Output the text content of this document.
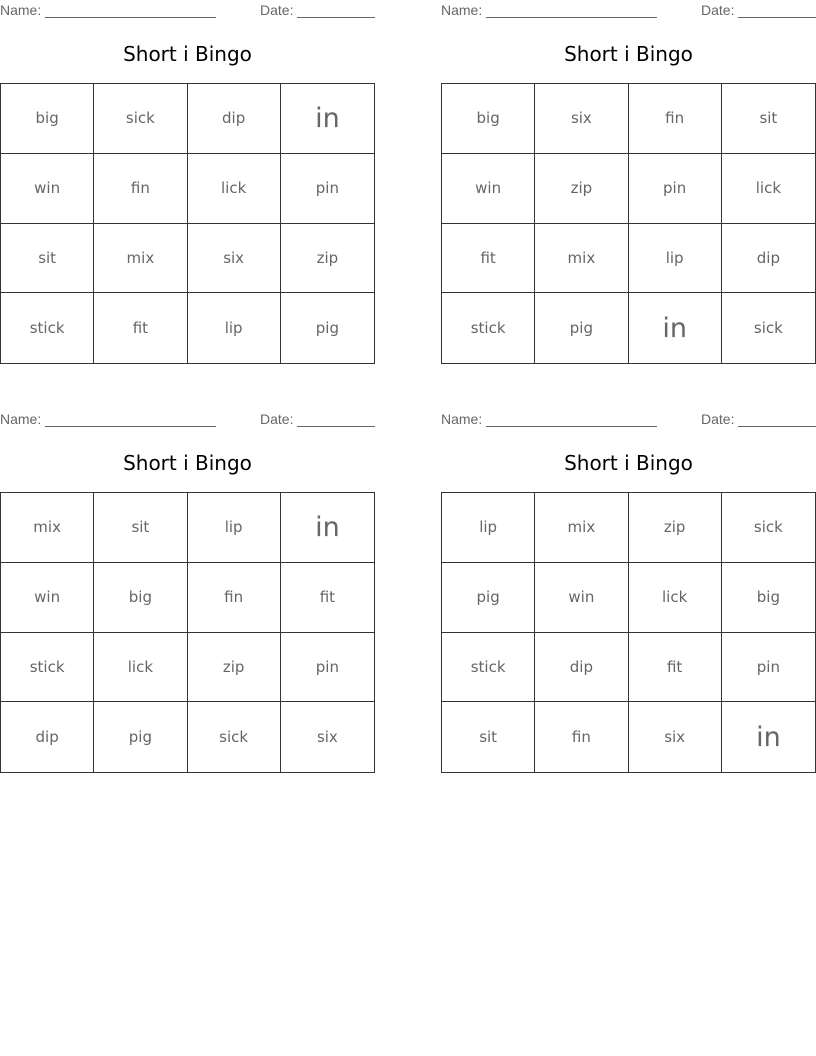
Name:	Date:
Short i Bingo
big	sick	dip	in
win	fin	lick	pin
sit	mix	six	zip
stick	fit	lip	pig
Name:	Date:
Short i Bingo
big	six	fin	sit
win	zip	pin	lick
fit	mix	lip	dip
stick	pig	in	sick
Name:	Date:
Short i Bingo
mix	sit	lip	in
win	big	fin	fit
stick	lick	zip	pin
dip	pig	sick	six
Name:	Date:
Short i Bingo
lip	mix	zip	sick
pig	win	lick	big
stick	dip	fit	pin
sit	fin	six	in
